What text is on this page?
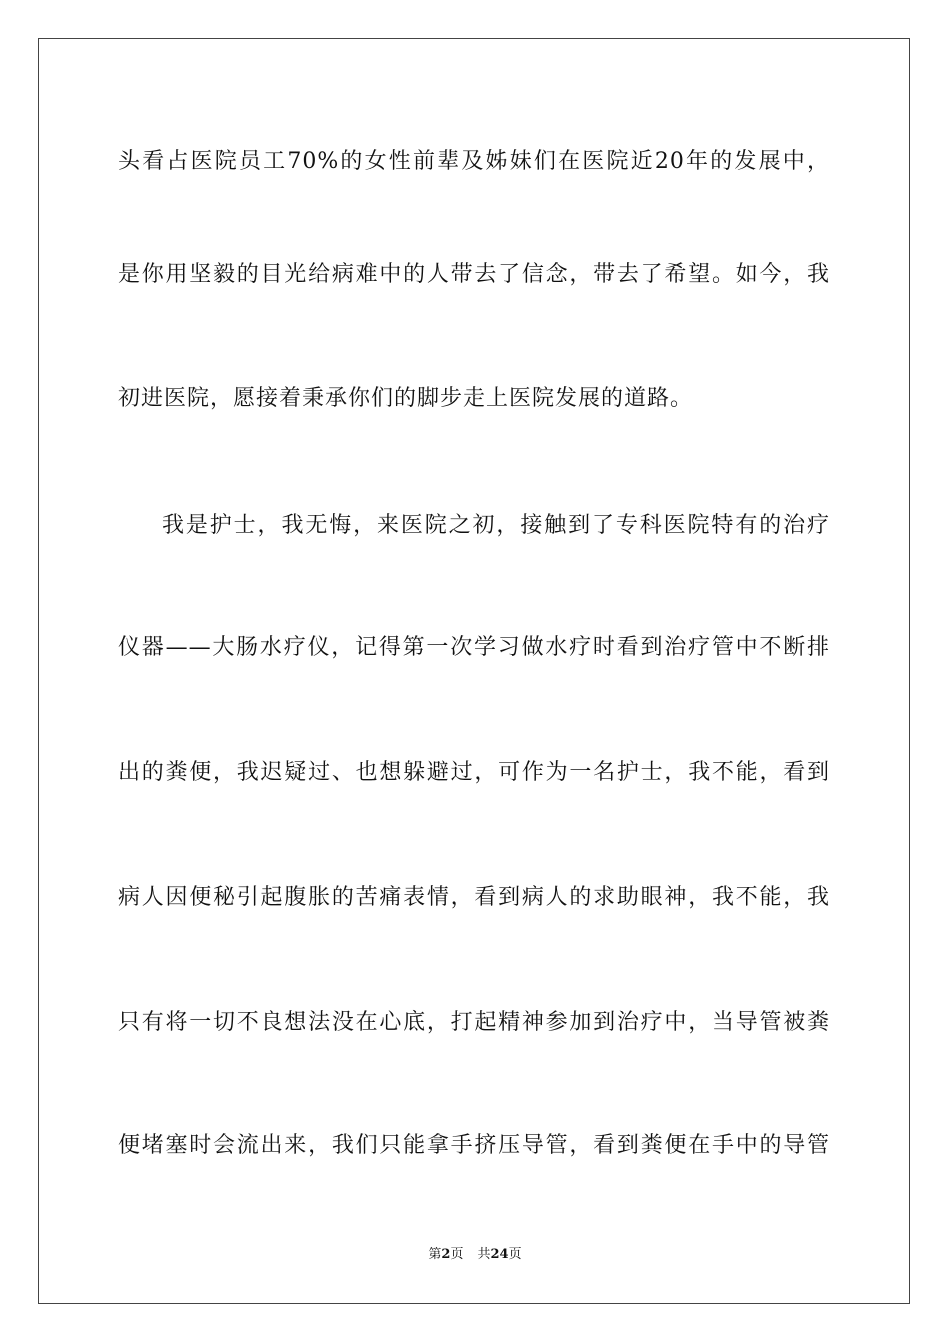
头看占医院员工70%的女性前辈及姊妹们在医院近20年的发展中，
是你用坚毅的目光给病难中的人带去了信念，带去了希望。如今，我
初进医院，愿接着秉承你们的脚步走上医院发展的道路。
我是护士，我无悔，来医院之初，接触到了专科医院特有的治疗
仪器——大肠水疗仪，记得第一次学习做水疗时看到治疗管中不断排
出的粪便，我迟疑过、也想躲避过，可作为一名护士，我不能，看到
病人因便秘引起腹胀的苦痛表情，看到病人的求助眼神，我不能，我
只有将一切不良想法没在心底，打起精神参加到治疗中，当导管被粪
便堵塞时会流出来，我们只能拿手挤压导管，看到粪便在手中的导管
第2页 共24页
